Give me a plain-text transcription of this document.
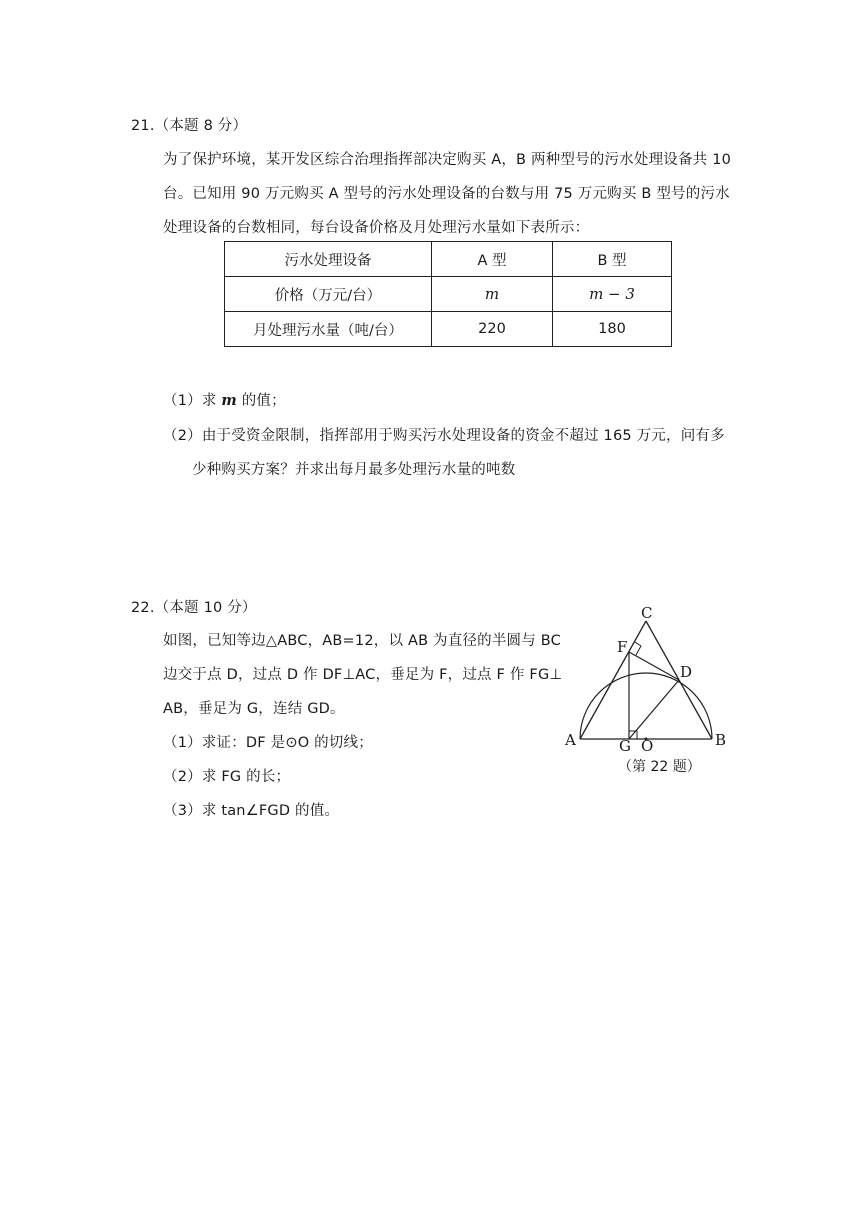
21.（本题 8 分）
为了保护环境，某开发区综合治理指挥部决定购买 A，B 两种型号的污水处理设备共 10
台。已知用 90 万元购买 A 型号的污水处理设备的台数与用 75 万元购买 B 型号的污水
处理设备的台数相同，每台设备价格及月处理污水量如下表所示：
污水处理设备	A 型	B 型
价格（万元/台）	m	m − 3
月处理污水量（吨/台）	220	180
（1）求 m 的值；
（2）由于受资金限制，指挥部用于购买污水处理设备的资金不超过 165 万元，问有多
少种购买方案？并求出每月最多处理污水量的吨数
22.（本题 10 分）
如图，已知等边△ABC，AB=12，以 AB 为直径的半圆与 BC
边交于点 D，过点 D 作 DF⊥AC，垂足为 F，过点 F 作 FG⊥
AB，垂足为 G，连结 GD。
（1）求证：DF 是⊙O 的切线；
（2）求 FG 的长；
（3）求 tan∠FGD 的值。
C
F
D
A	G O	B
（第 22 题）
